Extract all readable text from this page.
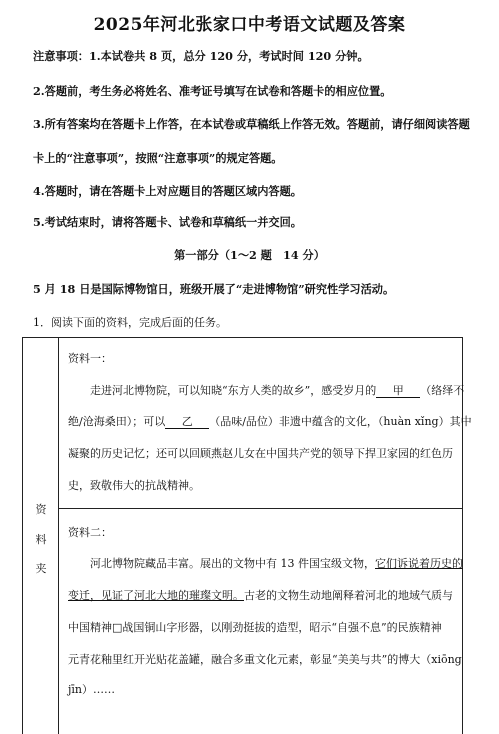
2025年河北张家口中考语文试题及答案
注意事项：1.本试卷共 8 页，总分 120 分，考试时间 120 分钟。
2.答题前，考生务必将姓名、准考证号填写在试卷和答题卡的相应位置。
3.所有答案均在答题卡上作答，在本试卷或草稿纸上作答无效。答题前，请仔细阅读答题
卡上的“注意事项”，按照“注意事项”的规定答题。
4.答题时，请在答题卡上对应题目的答题区域内答题。
5.考试结束时，请将答题卡、试卷和草稿纸一并交回。
第一部分（1～2 题　14 分）
5 月 18 日是国际博物馆日，班级开展了“走进博物馆”研究性学习活动。
1．阅读下面的资料，完成后面的任务。
资
料
夹
资料一：
走进河北博物院，可以知晓“东方人类的故乡”，感受岁月的 甲 （络绎不
绝/沧海桑田）；可以 乙 （品味/品位）非遗中蕴含的文化，（huàn xǐng）其中
凝聚的历史记忆；还可以回顾燕赵儿女在中国共产党的领导下捍卫家园的红色历
史，致敬伟大的抗战精神。
资料二：
河北博物院藏品丰富。展出的文物中有 13 件国宝级文物，它们诉说着历史的
变迁，见证了河北大地的璀璨文明。古老的文物生动地阐释着河北的地域气质与
中国精神□战国铜山字形器，以刚劲挺拔的造型，昭示“自强不息”的民族精神
元青花釉里红开光贴花盖罐，融合多重文化元素，彰显“美美与共”的博大（xiōng
jīn）……
